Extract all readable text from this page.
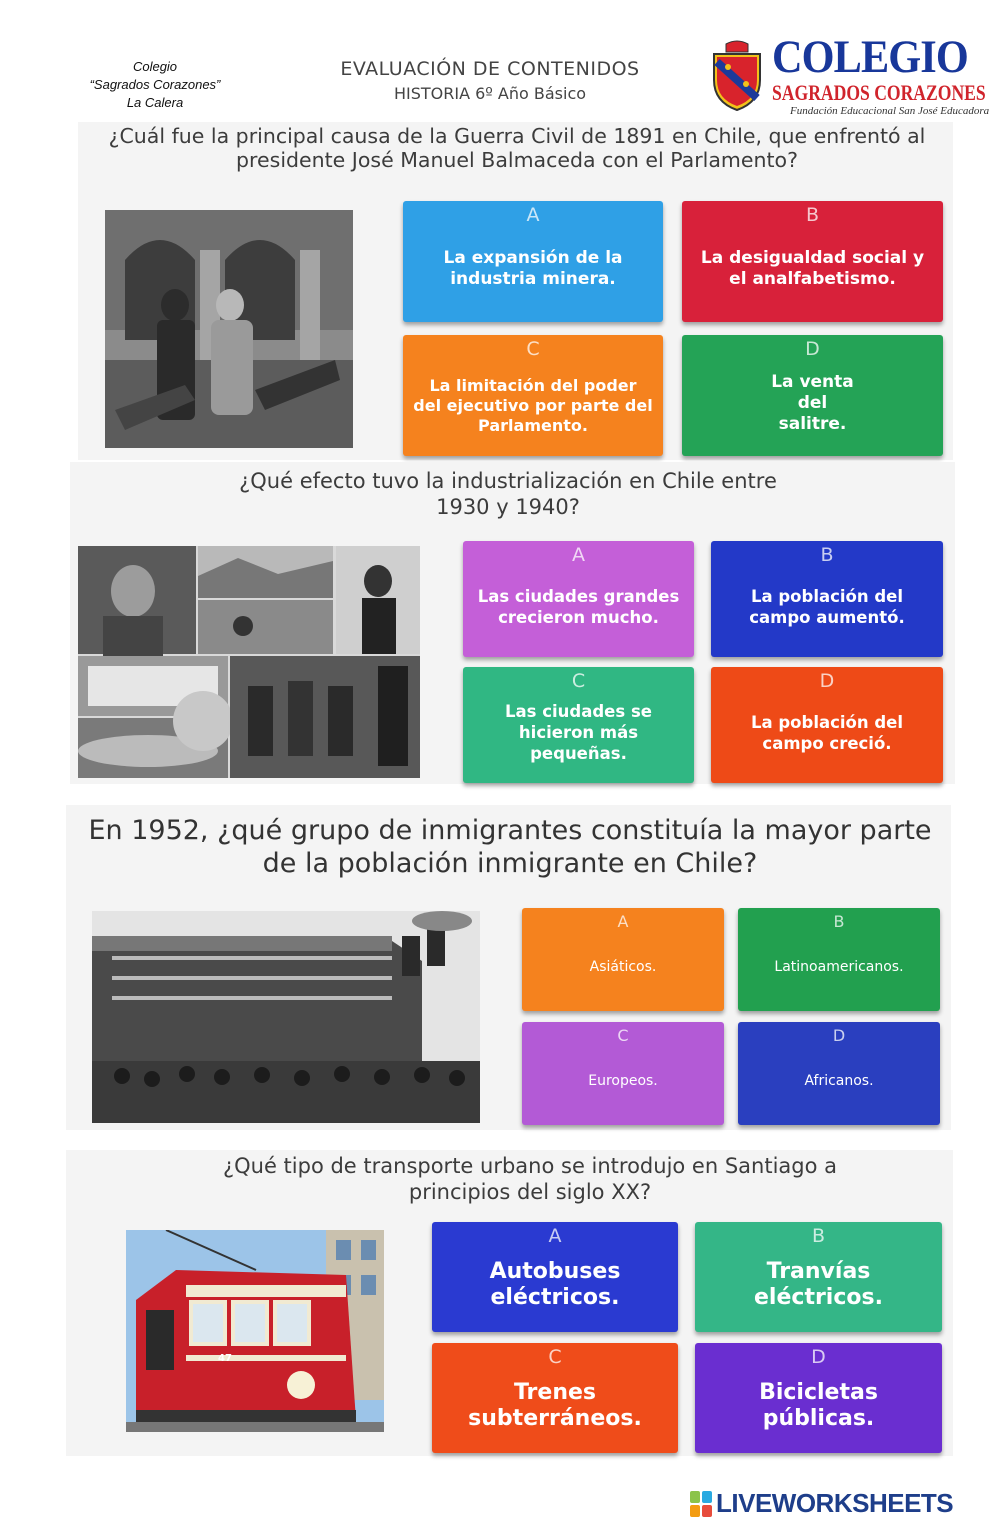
Colegio
“Sagrados Corazones”
La Calera
EVALUACIÓN DE CONTENIDOS
HISTORIA 6º Año Básico
COLEGIO
SAGRADOS CORAZONES
Fundación Educacional San José Educadora
¿Cuál fue la principal causa de la Guerra Civil de 1891 en Chile, que enfrentó al presidente José Manuel Balmaceda con el Parlamento?
A
La expansión de la industria minera.
B
La desigualdad social y el analfabetismo.
C
La limitación del poder del ejecutivo por parte del Parlamento.
D
La venta del salitre.
¿Qué efecto tuvo la industrialización en Chile entre 1930 y 1940?
A
Las ciudades grandes crecieron mucho.
B
La población del campo aumentó.
C
Las ciudades se hicieron más pequeñas.
D
La población del campo creció.
En 1952, ¿qué grupo de inmigrantes constituía la mayor parte de la población inmigrante en Chile?
A
Asiáticos.
B
Latinoamericanos.
C
Europeos.
D
Africanos.
¿Qué tipo de transporte urbano se introdujo en Santiago a principios del siglo XX?
47
A
Autobuses eléctricos.
B
Tranvías eléctricos.
C
Trenes subterráneos.
D
Bicicletas públicas.
LIVEWORKSHEETS
